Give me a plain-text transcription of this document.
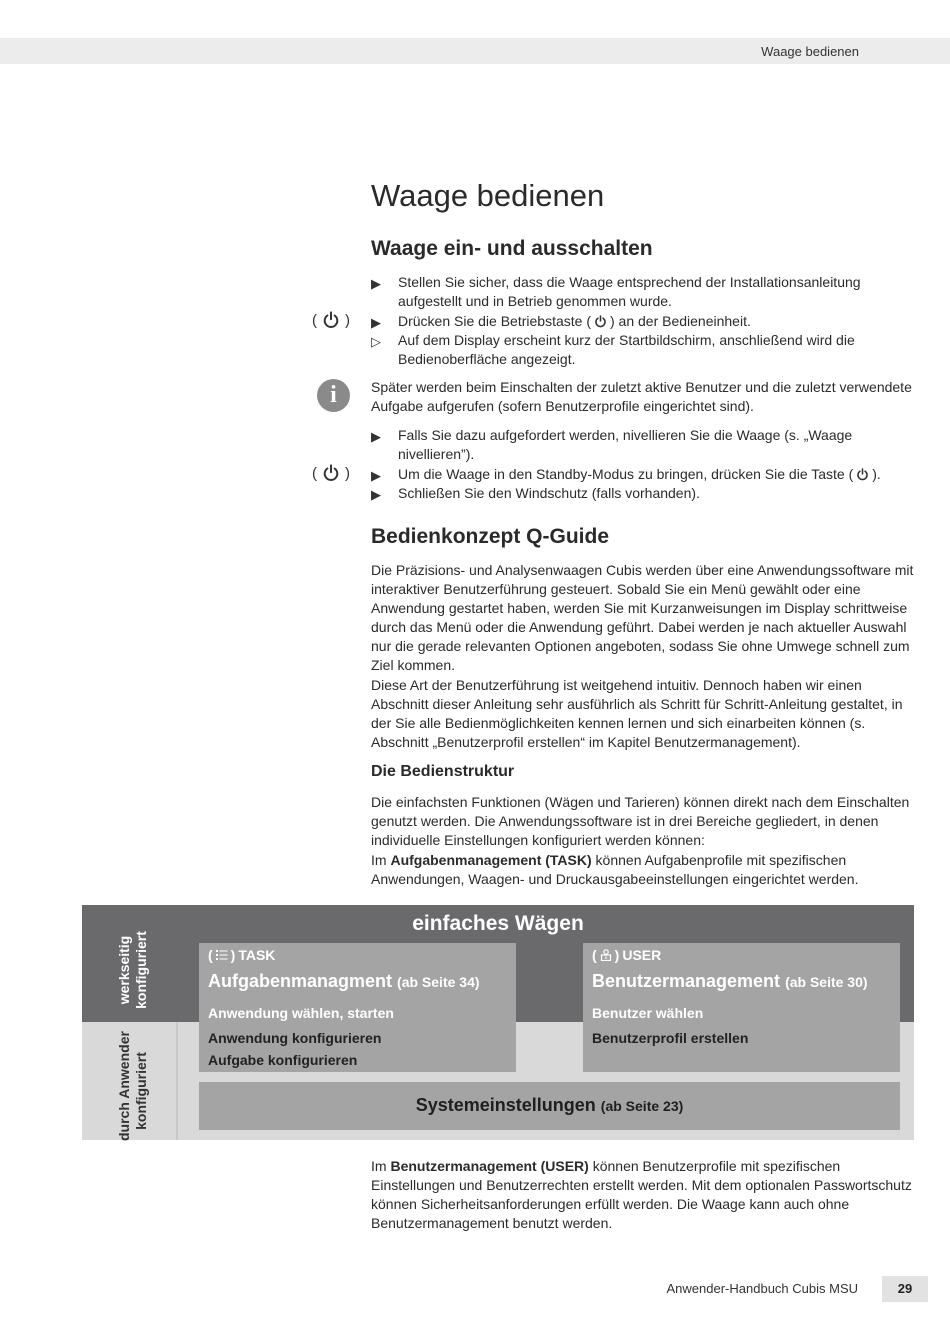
Waage bedienen
Waage bedienen
Waage ein- und ausschalten
▶ Stellen Sie sicher, dass die Waage entsprechend der Installationsanleitung aufgestellt und in Betrieb genommen wurde.
( ) ▶ Drücken Sie die Betriebstaste ( ) an der Bedieneinheit.
▷ Auf dem Display erscheint kurz der Startbildschirm, anschließend wird die Bedienoberfläche angezeigt.
i	Später werden beim Einschalten der zuletzt aktive Benutzer und die zuletzt verwendete Aufgabe aufgerufen (sofern Benutzerprofile eingerichtet sind).
▶ Falls Sie dazu aufgefordert werden, nivellieren Sie die Waage (s. „Waage nivellieren”).
( ) ▶ Um die Waage in den Standby-Modus zu bringen, drücken Sie die Taste ( ).
▶ Schließen Sie den Windschutz (falls vorhanden).
Bedienkonzept Q-Guide
Die Präzisions- und Analysenwaagen Cubis werden über eine Anwendungssoftware mit interaktiver Benutzerführung gesteuert. Sobald Sie ein Menü gewählt oder eine Anwendung gestartet haben, werden Sie mit Kurzanweisungen im Display schrittweise durch das Menü oder die Anwendung geführt. Dabei werden je nach aktueller Auswahl nur die gerade relevanten Optionen angeboten, sodass Sie ohne Umwege schnell zum Ziel kommen.
Diese Art der Benutzerführung ist weitgehend intuitiv. Dennoch haben wir einen Abschnitt dieser Anleitung sehr ausführlich als Schritt für Schritt-Anleitung gestaltet, in der Sie alle Bedienmöglichkeiten kennen lernen und sich einarbeiten können (s. Abschnitt „Benutzerprofil erstellen“ im Kapitel Benutzermanagement).
Die Bedienstruktur
Die einfachsten Funktionen (Wägen und Tarieren) können direkt nach dem Einschalten genutzt werden. Die Anwendungssoftware ist in drei Bereiche gegliedert, in denen individuelle Einstellungen konfiguriert werden können:
Im Aufgabenmanagement (TASK) können Aufgabenprofile mit spezifischen Anwendungen, Waagen- und Druckausgabeeinstellungen eingerichtet werden.
werkseitig konfiguriert
durch Anwender konfiguriert
einfaches Wägen
( ) TASK
Aufgabenmanagment (ab Seite 34)
Anwendung wählen, starten
Anwendung konfigurieren
Aufgabe konfigurieren
( ) USER
Benutzermanagement (ab Seite 30)
Benutzer wählen
Benutzerprofil erstellen
Systemeinstellungen (ab Seite 23)
Im Benutzermanagement (USER) können Benutzerprofile mit spezifischen Einstellungen und Benutzerrechten erstellt werden. Mit dem optionalen Passwortschutz können Sicherheitsanforderungen erfüllt werden. Die Waage kann auch ohne Benutzermanagement benutzt werden.
Anwender-Handbuch Cubis MSU	29
